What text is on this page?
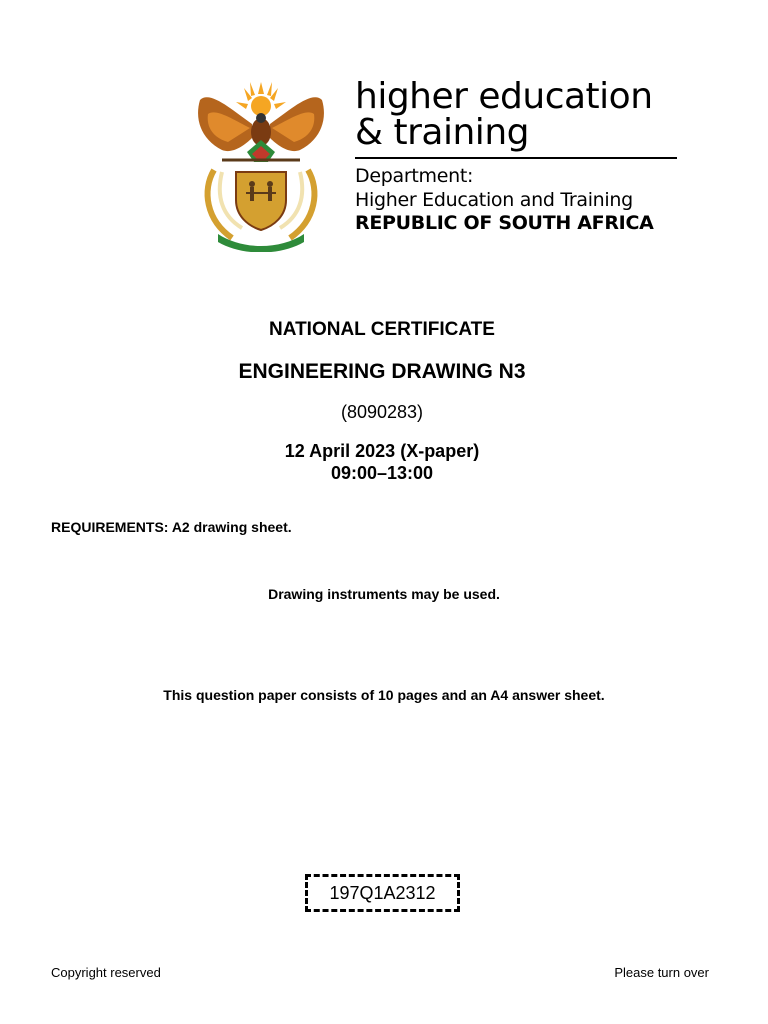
higher education
& training
Department:
Higher Education and Training
REPUBLIC OF SOUTH AFRICA
NATIONAL CERTIFICATE
ENGINEERING DRAWING N3
(8090283)
12 April 2023 (X-paper)
09:00–13:00
REQUIREMENTS: A2 drawing sheet.
Drawing instruments may be used.
This question paper consists of 10 pages and an A4 answer sheet.
197Q1A2312
Copyright reserved	Please turn over
